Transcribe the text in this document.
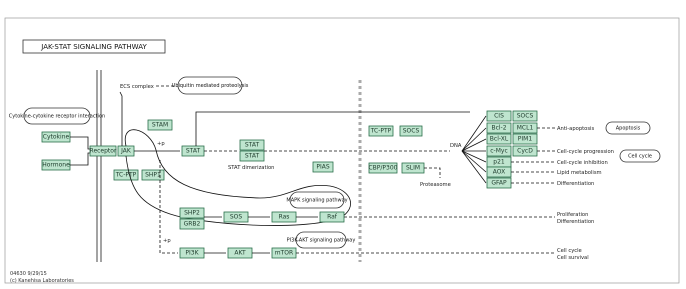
JAK-STAT SIGNALING PATHWAY
Cytokine-cytokine receptor interaction
Cytokine
Hormone
Receptor JAK
STAM
TC-PTP SHP1
ECS complex	Ubiquitin mediated proteolysis
STAT
+p	STAT
STAT
STAT dimerization	PIAS
TC-PTP SOCS
CBP/P300 SLIM
Proteasome
DNA
CIS SOCS
Bcl-2 MCL1
Bcl-XL PIM1
c-Myc CycD
p21
AOX
GFAP
Anti-apoptosis	Apoptosis
Cell-cycle progression
Cell-cycle inhibition
Cell cycle
Lipid metabolism
Differentiation
SHP2
GRB2
SOS	Ras	Raf
MAPK signaling pathway
Proliferation
Differentiation
PI3K	AKT	mTOR
PI3K-AKT signaling pathway
+p
Cell cycle
Cell survival
04630 9/29/15
(c) Kanehisa Laboratories
